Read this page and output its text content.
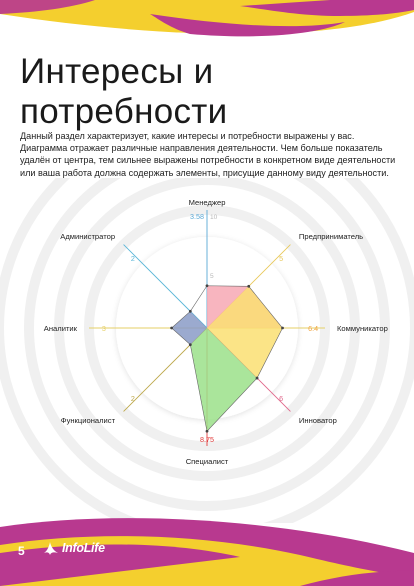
Интересы и потребности

Данный раздел характеризует, какие интересы и потребности выражены у вас. Диаграмма отражает различные направления деятельности. Чем больше показатель удалён от центра, тем сильнее выражены потребности в конкретном виде деятельности или ваша работа должна содержать элементы, присущие данному виду деятельности.

10
5
3.58
5
6.4
6
8.75
2
3
2
Менеджер
Предприниматель
Коммуникатор
Инноватор
Специалист
Функционалист
Аналитик
Администратор
5	InfoLife
